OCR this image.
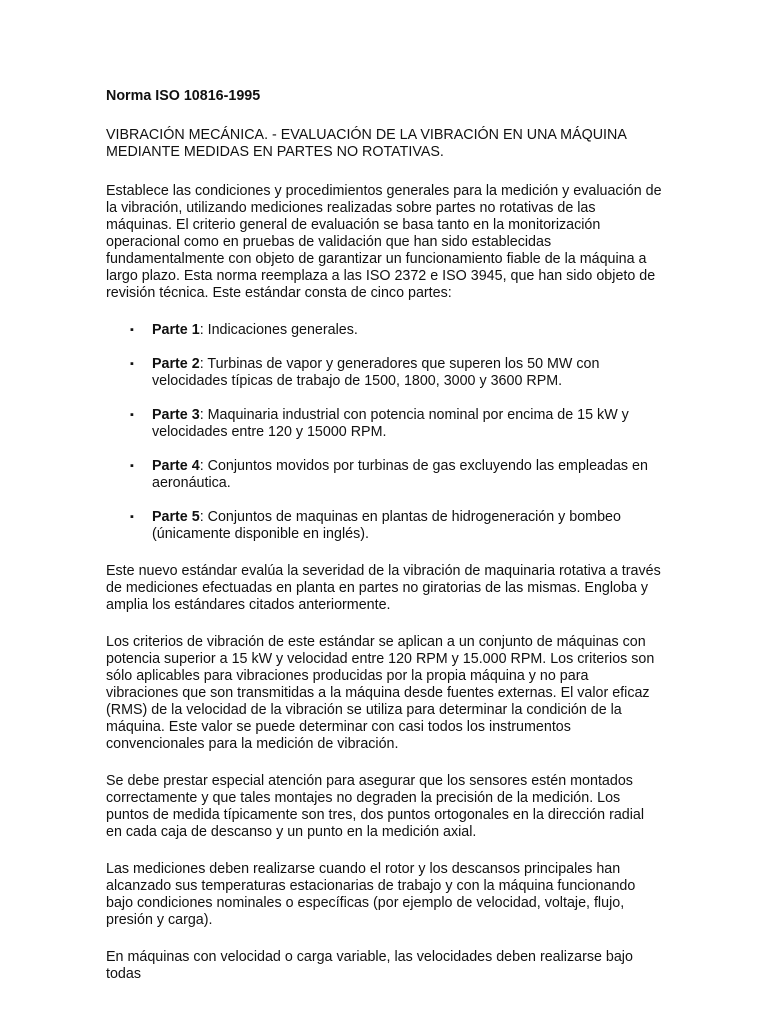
Norma ISO 10816-1995
VIBRACIÓN MECÁNICA. - EVALUACIÓN DE LA VIBRACIÓN EN UNA MÁQUINA MEDIANTE MEDIDAS EN PARTES NO ROTATIVAS.

Establece las condiciones y procedimientos generales para la medición y evaluación de la vibración, utilizando mediciones realizadas sobre partes no rotativas de las máquinas. El criterio general de evaluación se basa tanto en la monitorización operacional como en pruebas de validación que han sido establecidas fundamentalmente con objeto de garantizar un funcionamiento fiable de la máquina a largo plazo. Esta norma reemplaza a las ISO 2372 e ISO 3945, que han sido objeto de revisión técnica. Este estándar consta de cinco partes:

▪ Parte 1: Indicaciones generales.
▪ Parte 2: Turbinas de vapor y generadores que superen los 50 MW con velocidades típicas de trabajo de 1500, 1800, 3000 y 3600 RPM.
▪ Parte 3: Maquinaria industrial con potencia nominal por encima de 15 kW y velocidades entre 120 y 15000 RPM.
▪ Parte 4: Conjuntos movidos por turbinas de gas excluyendo las empleadas en aeronáutica.
▪ Parte 5: Conjuntos de maquinas en plantas de hidrogeneración y bombeo (únicamente disponible en inglés).

Este nuevo estándar evalúa la severidad de la vibración de maquinaria rotativa a través de mediciones efectuadas en planta en partes no giratorias de las mismas. Engloba y amplia los estándares citados anteriormente.

Los criterios de vibración de este estándar se aplican a un conjunto de máquinas con potencia superior a 15 kW y velocidad entre 120 RPM y 15.000 RPM. Los criterios son sólo aplicables para vibraciones producidas por la propia máquina y no para vibraciones que son transmitidas a la máquina desde fuentes externas. El valor eficaz (RMS) de la velocidad de la vibración se utiliza para determinar la condición de la máquina. Este valor se puede determinar con casi todos los instrumentos convencionales para la medición de vibración.

Se debe prestar especial atención para asegurar que los sensores estén montados correctamente y que tales montajes no degraden la precisión de la medición. Los puntos de medida típicamente son tres, dos puntos ortogonales en la dirección radial en cada caja de descanso y un punto en la medición axial.

Las mediciones deben realizarse cuando el rotor y los descansos principales han alcanzado sus temperaturas estacionarias de trabajo y con la máquina funcionando bajo condiciones nominales o específicas (por ejemplo de velocidad, voltaje, flujo, presión y carga).

En máquinas con velocidad o carga variable, las velocidades deben realizarse bajo todas
